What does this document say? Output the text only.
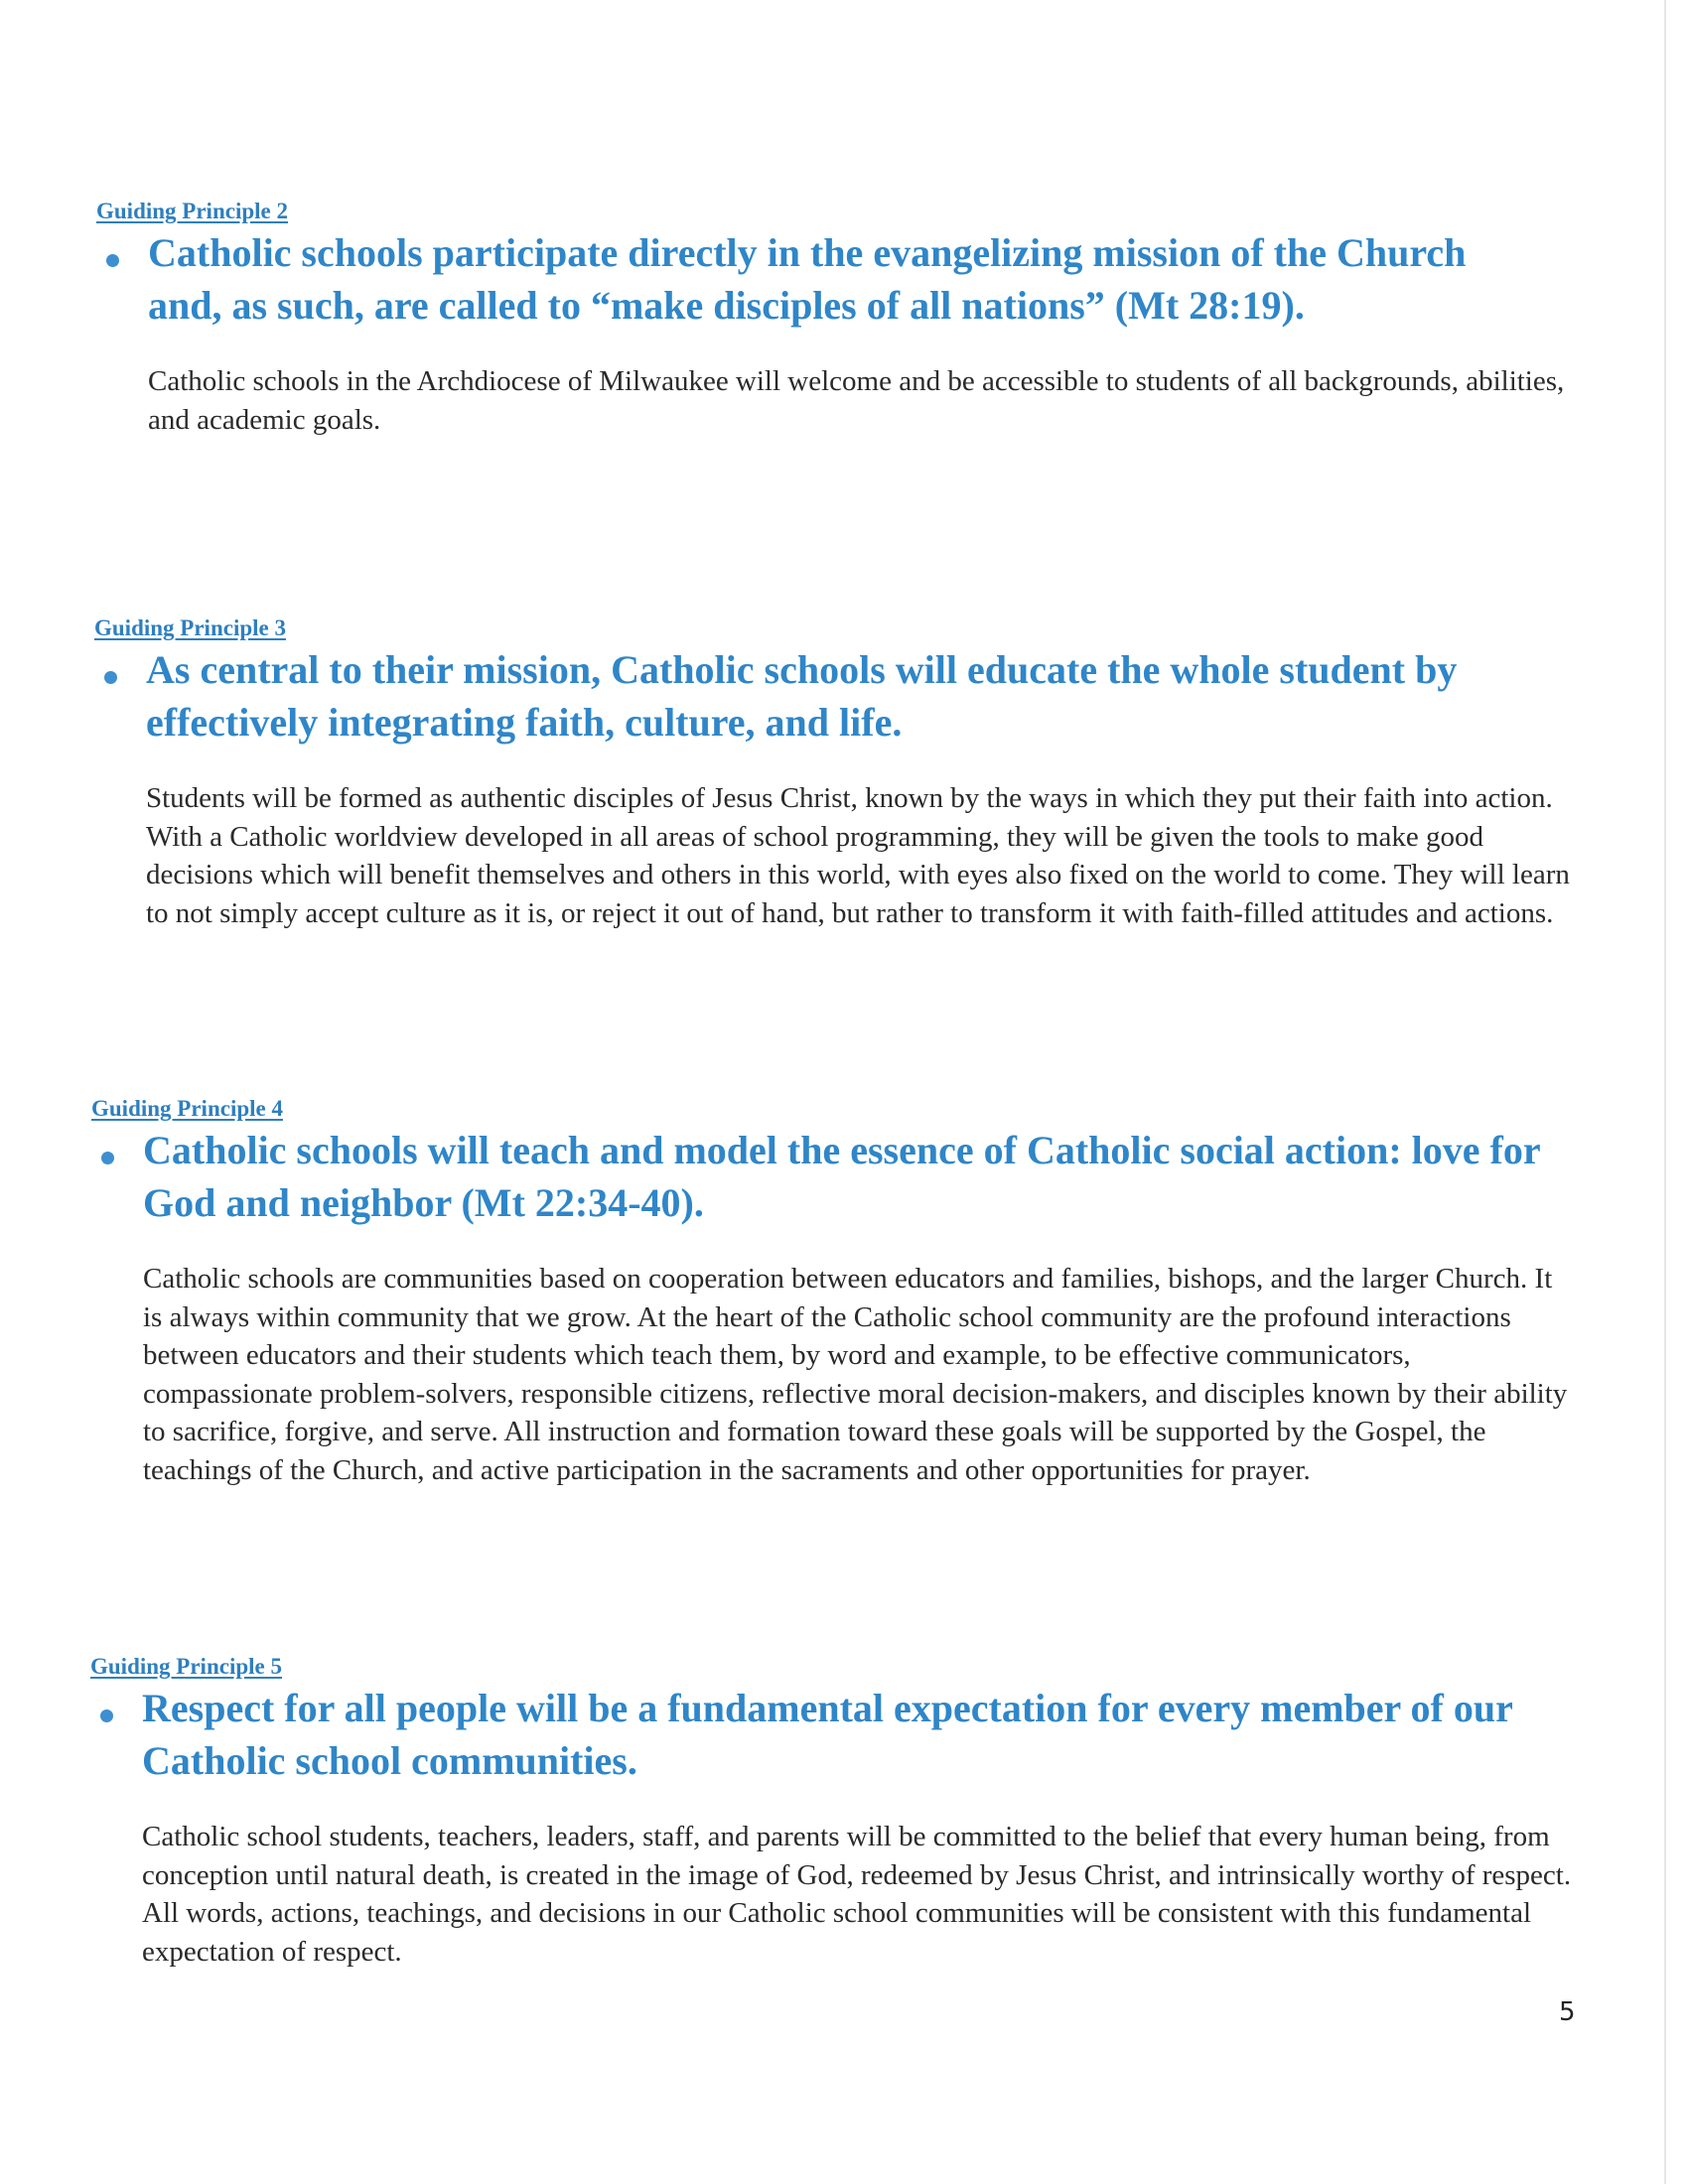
Guiding Principle 2
Catholic schools participate directly in the evangelizing mission of the Church and, as such, are called to “make disciples of all nations” (Mt 28:19).

Catholic schools in the Archdiocese of Milwaukee will welcome and be accessible to students of all backgrounds, abilities, and academic goals.

Guiding Principle 3
As central to their mission, Catholic schools will educate the whole student by effectively integrating faith, culture, and life.

Students will be formed as authentic disciples of Jesus Christ, known by the ways in which they put their faith into action. With a Catholic worldview developed in all areas of school programming, they will be given the tools to make good decisions which will benefit themselves and others in this world, with eyes also fixed on the world to come. They will learn to not simply accept culture as it is, or reject it out of hand, but rather to transform it with faith-filled attitudes and actions.

Guiding Principle 4
Catholic schools will teach and model the essence of Catholic social action: love for God and neighbor (Mt 22:34-40).

Catholic schools are communities based on cooperation between educators and families, bishops, and the larger Church. It is always within community that we grow. At the heart of the Catholic school community are the profound interactions between educators and their students which teach them, by word and example, to be effective communicators, compassionate problem-solvers, responsible citizens, reflective moral decision-makers, and disciples known by their ability to sacrifice, forgive, and serve. All instruction and formation toward these goals will be supported by the Gospel, the teachings of the Church, and active participation in the sacraments and other opportunities for prayer.

Guiding Principle 5
Respect for all people will be a fundamental expectation for every member of our Catholic school communities.

Catholic school students, teachers, leaders, staff, and parents will be committed to the belief that every human being, from conception until natural death, is created in the image of God, redeemed by Jesus Christ, and intrinsically worthy of respect. All words, actions, teachings, and decisions in our Catholic school communities will be consistent with this fundamental expectation of respect.

5
